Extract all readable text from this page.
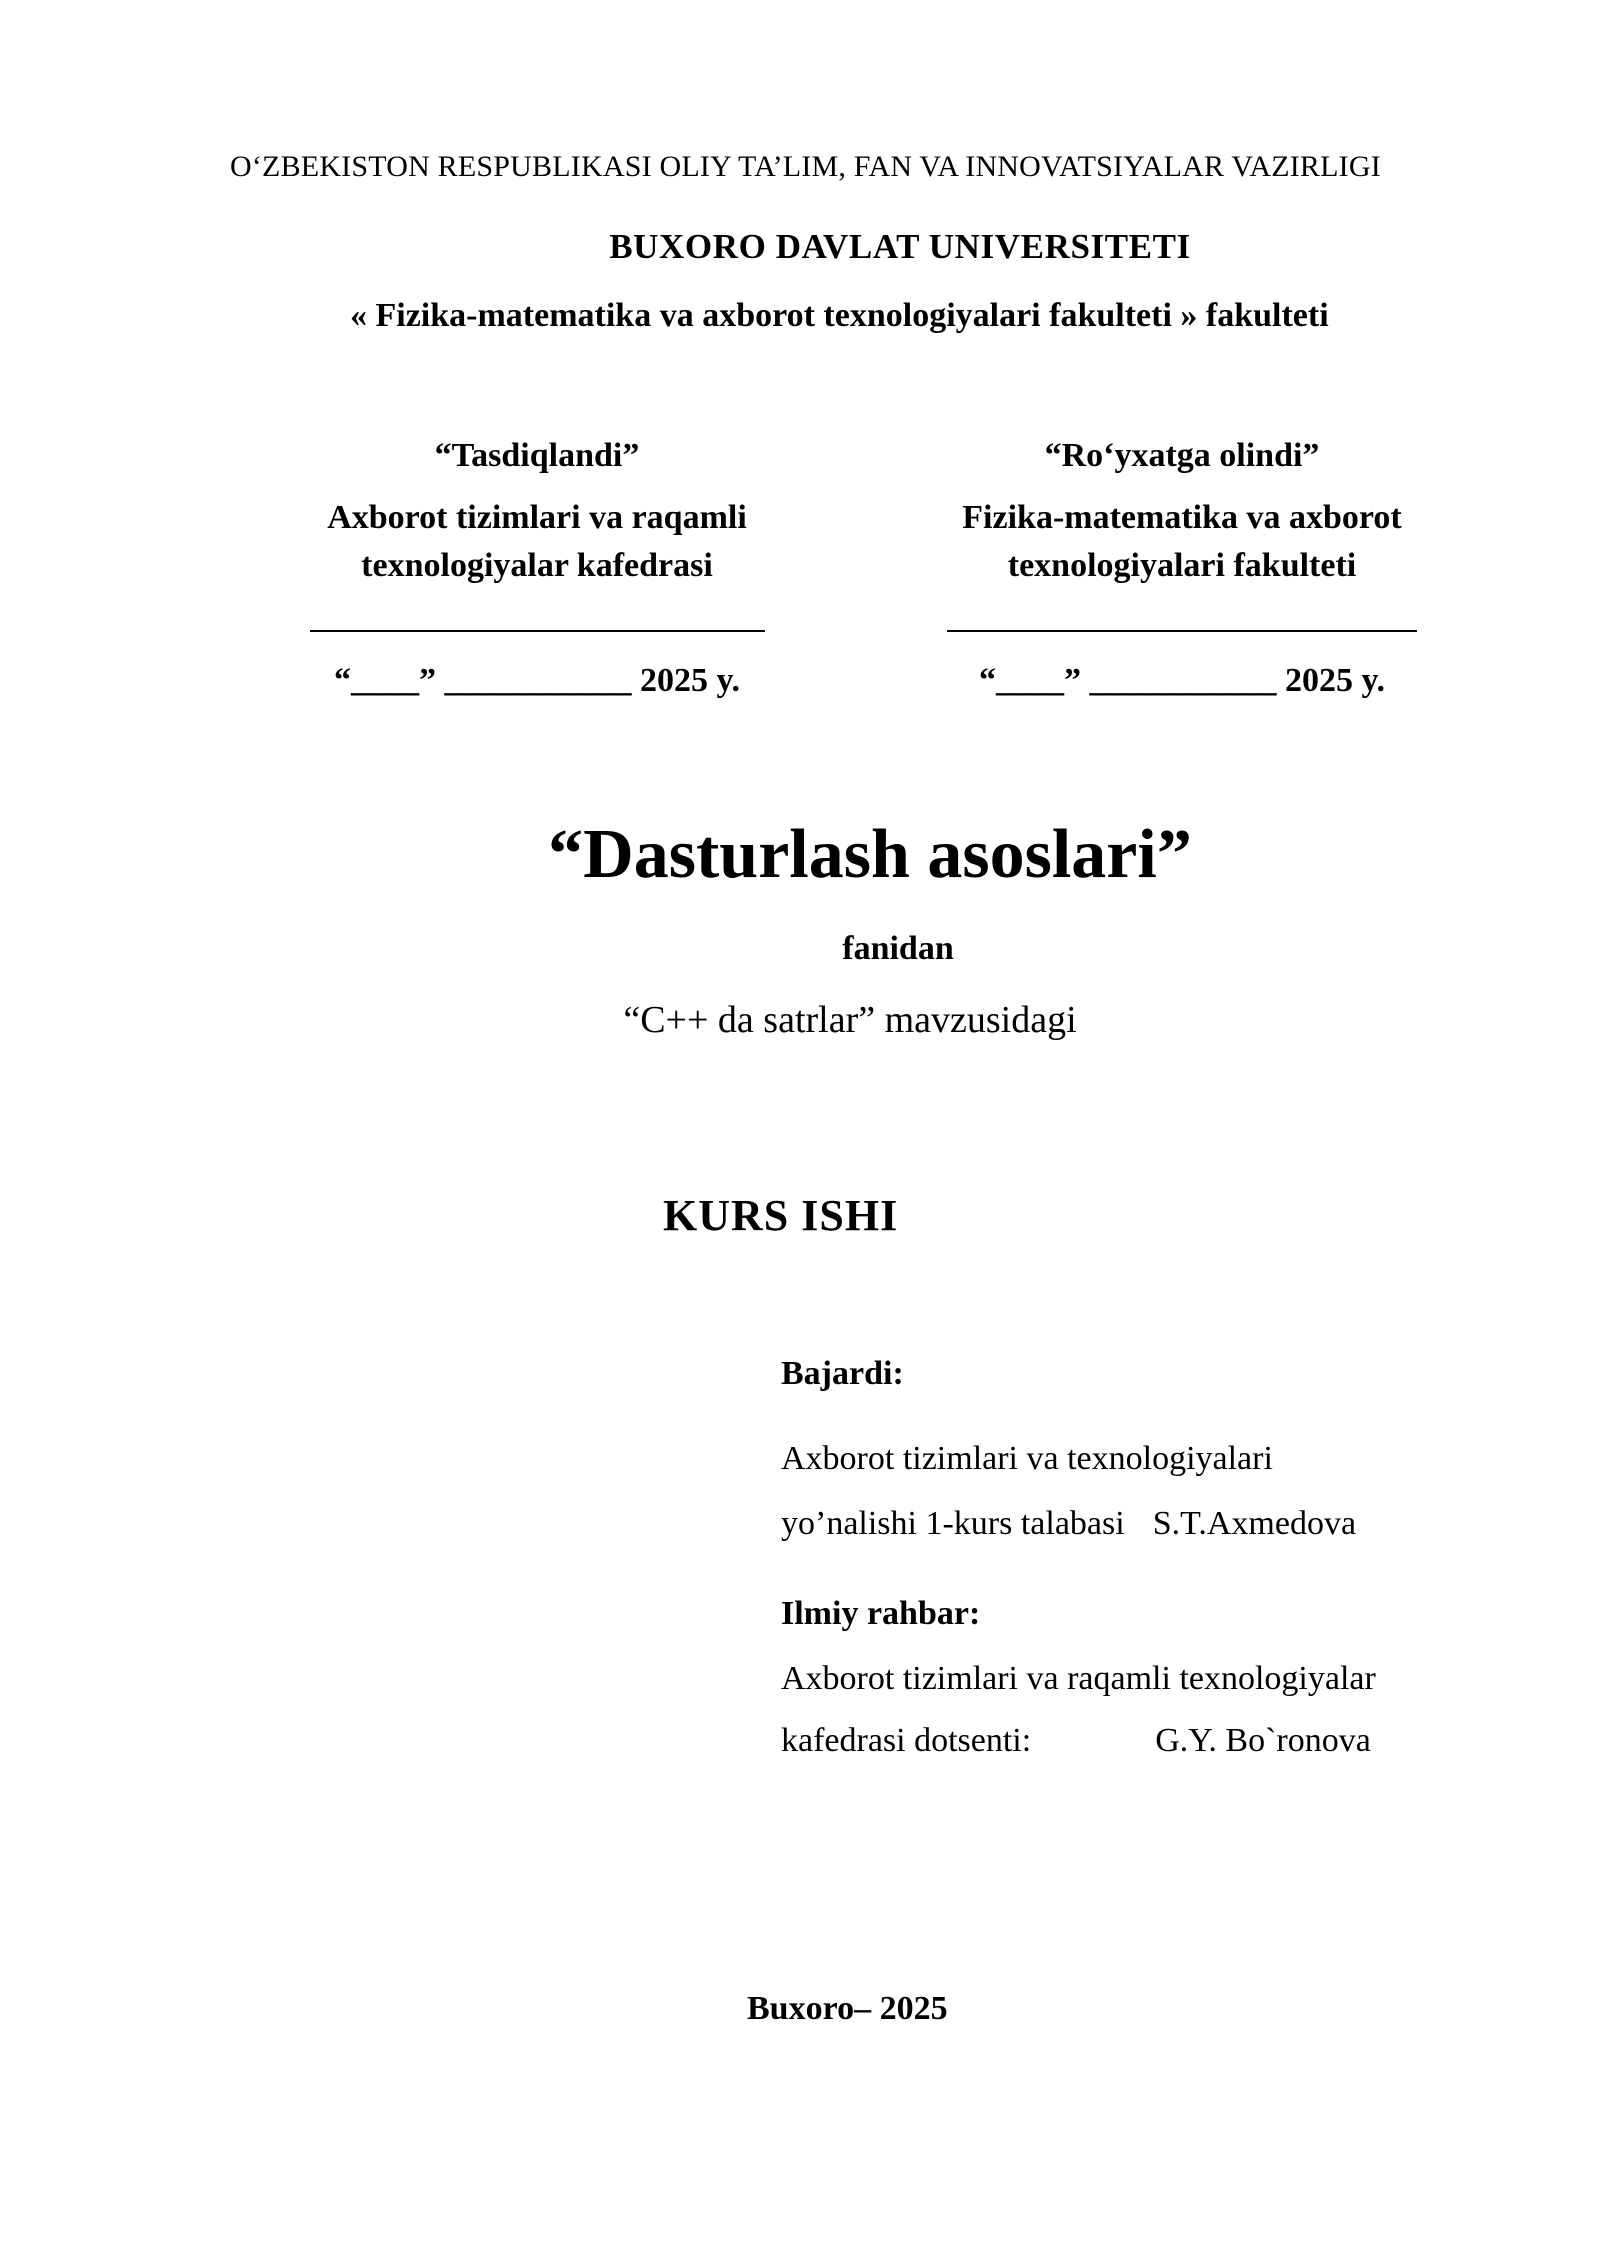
O‘ZBEKISTON RESPUBLIKASI OLIY TA’LIM, FAN VA INNOVATSIYALAR VAZIRLIGI
BUXORO DAVLAT UNIVERSITETI
« Fizika-matematika va axborot texnologiyalari fakulteti » fakulteti
“Tasdiqlandi”
Axborot tizimlari va raqamli texnologiyalar kafedrasi
“____” ___________ 2025 y.
“Ro‘yxatga olindi”
Fizika-matematika va axborot texnologiyalari fakulteti
“____” ___________ 2025 y.
“Dasturlash asoslari”
fanidan
“C++ da satrlar” mavzusidagi
KURS ISHI
Bajardi:
Axborot tizimlari va texnologiyalari
yo’nalishi 1-kurs talabasi S.T.Axmedova
Ilmiy rahbar:
Axborot tizimlari va raqamli texnologiyalar
kafedrasi dotsenti:	G.Y. Bo`ronova
Buxoro– 2025
